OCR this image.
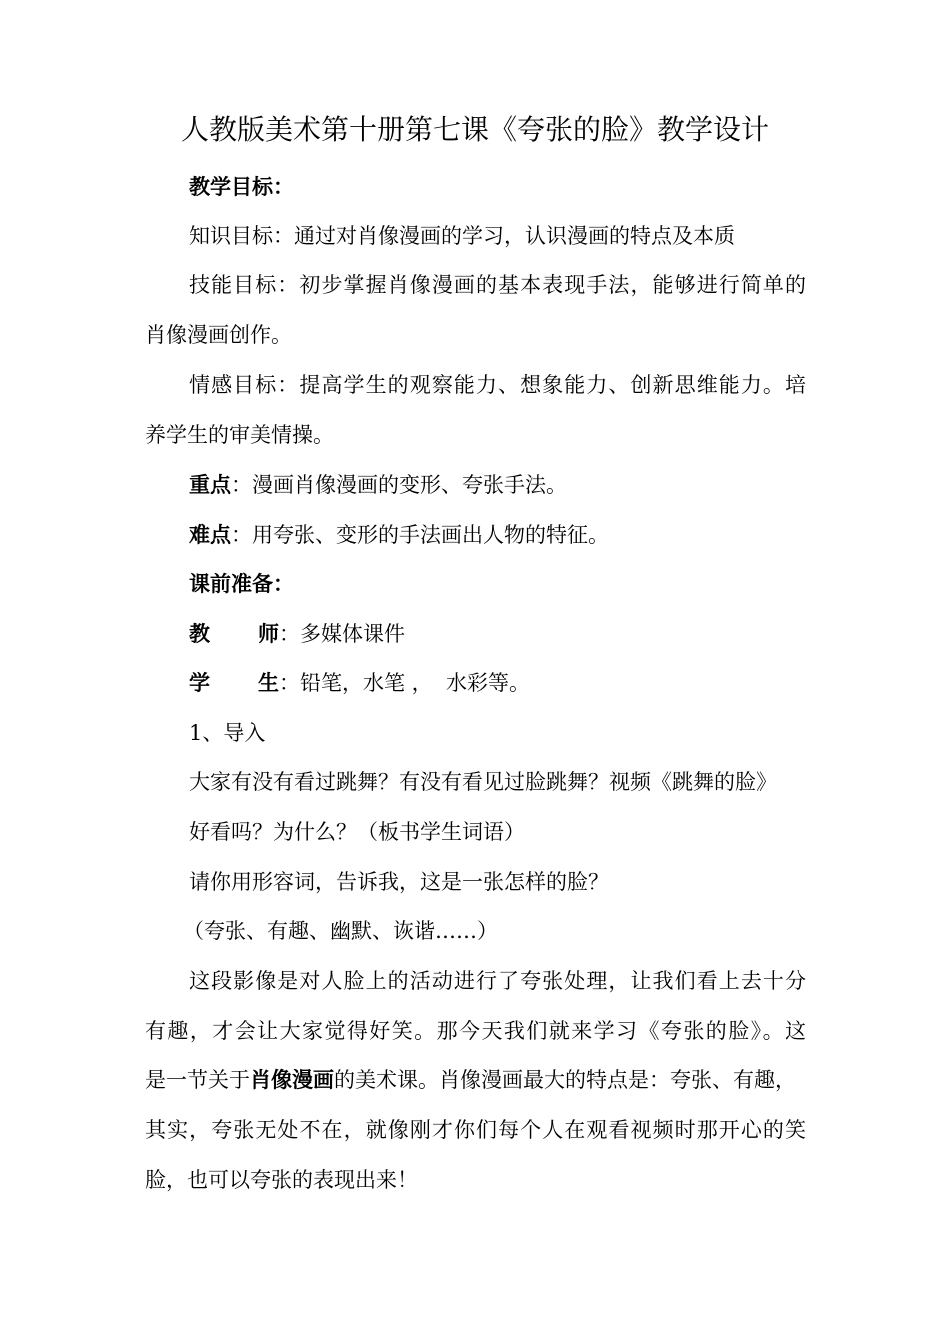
人教版美术第十册第七课《夸张的脸》教学设计
教学目标：
知识目标：通过对肖像漫画的学习，认识漫画的特点及本质
技能目标：初步掌握肖像漫画的基本表现手法，能够进行简单的
肖像漫画创作。
情感目标：提高学生的观察能力、想象能力、创新思维能力。培
养学生的审美情操。
重点：漫画肖像漫画的变形、夸张手法。
难点：用夸张、变形的手法画出人物的特征。
课前准备：
教师：多媒体课件
学生：铅笔，水笔 ，  水彩等。
1、导入
大家有没有看过跳舞？有没有看见过脸跳舞？视频《跳舞的脸》
好看吗？为什么？（板书学生词语）
请你用形容词，告诉我，这是一张怎样的脸？
（夸张、有趣、幽默、诙谐……）
这段影像是对人脸上的活动进行了夸张处理，让我们看上去十分
有趣，才会让大家觉得好笑。那今天我们就来学习《夸张的脸》。这
是一节关于肖像漫画的美术课。肖像漫画最大的特点是：夸张、有趣，
其实，夸张无处不在，就像刚才你们每个人在观看视频时那开心的笑
脸，也可以夸张的表现出来！
